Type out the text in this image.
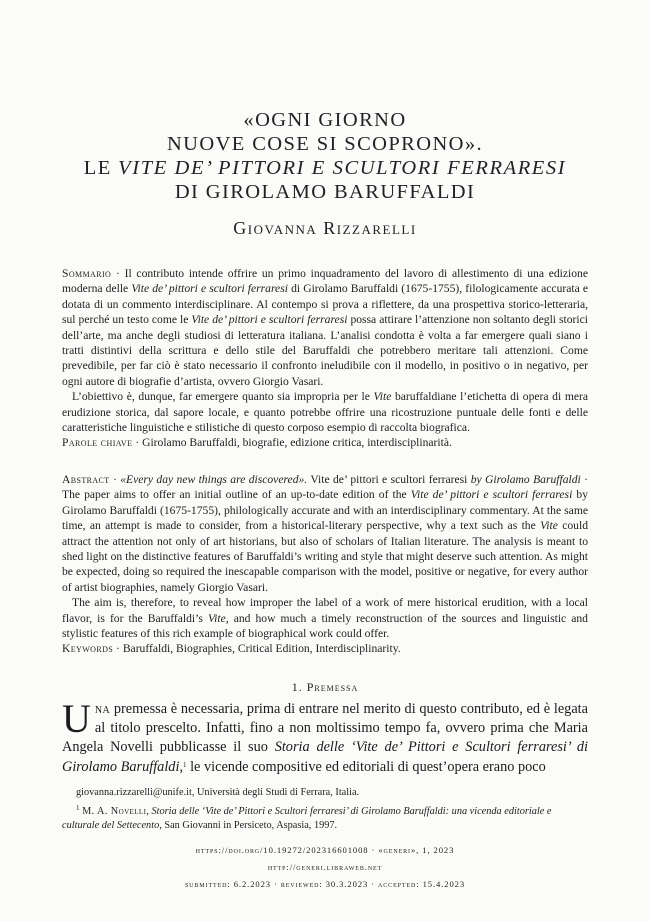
«OGNI GIORNO
NUOVE COSE SI SCOPRONO».
LE VITE DE’ PITTORI E SCULTORI FERRARESI
DI GIROLAMO BARUFFALDI
Giovanna Rizzarelli

Sommario · Il contributo intende offrire un primo inquadramento del lavoro di allestimento di una edizione moderna delle Vite de’ pittori e scultori ferraresi di Girolamo Baruffaldi (1675-1755), filologicamente accurata e dotata di un commento interdisciplinare. Al contempo si prova a riflettere, da una prospettiva storico-letteraria, sul perché un testo come le Vite de’ pittori e scultori ferraresi possa attirare l’attenzione non soltanto degli storici dell’arte, ma anche degli studiosi di letteratura italiana. L’analisi condotta è volta a far emergere quali siano i tratti distintivi della scrittura e dello stile del Baruffaldi che potrebbero meritare tali attenzioni. Come prevedibile, per far ciò è stato necessario il confronto ineludibile con il modello, in positivo o in negativo, per ogni autore di biografie d’artista, ovvero Giorgio Vasari.

L’obiettivo è, dunque, far emergere quanto sia impropria per le Vite baruffaldiane l’etichetta di opera di mera erudizione storica, dal sapore locale, e quanto potrebbe offrire una ricostruzione puntuale delle fonti e delle caratteristiche linguistiche e stilistiche di questo corposo esempio di raccolta biografica.

Parole chiave · Girolamo Baruffaldi, biografie, edizione critica, interdisciplinarità.

Abstract · «Every day new things are discovered». Vite de’ pittori e scultori ferraresi by Girolamo Baruffaldi · The paper aims to offer an initial outline of an up-to-date edition of the Vite de’ pittori e scultori ferraresi by Girolamo Baruffaldi (1675-1755), philologically accurate and with an interdisciplinary commentary. At the same time, an attempt is made to consider, from a historical-literary perspective, why a text such as the Vite could attract the attention not only of art historians, but also of scholars of Italian literature. The analysis is meant to shed light on the distinctive features of Baruffaldi’s writing and style that might deserve such attention. As might be expected, doing so required the inescapable comparison with the model, positive or negative, for every author of artist biographies, namely Giorgio Vasari.

The aim is, therefore, to reveal how improper the label of a work of mere historical erudition, with a local flavor, is for the Baruffaldi’s Vite, and how much a timely reconstruction of the sources and linguistic and stylistic features of this rich example of biographical work could offer.

Keywords · Baruffaldi, Biographies, Critical Edition, Interdisciplinarity.

1. Premessa
Una premessa è necessaria, prima di entrare nel merito di questo contributo, ed è legata al titolo prescelto. Infatti, fino a non moltissimo tempo fa, ovvero prima che Maria Angela Novelli pubblicasse il suo Storia delle ‘Vite de’ Pittori e Scultori ferraresi’ di Girolamo Baruffaldi,$^1$ le vicende compositive ed editoriali di quest’opera erano poco

giovanna.rizzarelli@unife.it, Università degli Studi di Ferrara, Italia.

$^1$ M. A. Novelli, Storia delle ‘Vite de’ Pittori e Scultori ferraresi’ di Girolamo Baruffaldi: una vicenda editoriale e culturale del Settecento, San Giovanni in Persiceto, Aspasia, 1997.

https://doi.org/10.19272/202316601008 · «generi», 1, 2023
http://generi.libraweb.net
submitted: 6.2.2023 · reviewed: 30.3.2023 · accepted: 15.4.2023
